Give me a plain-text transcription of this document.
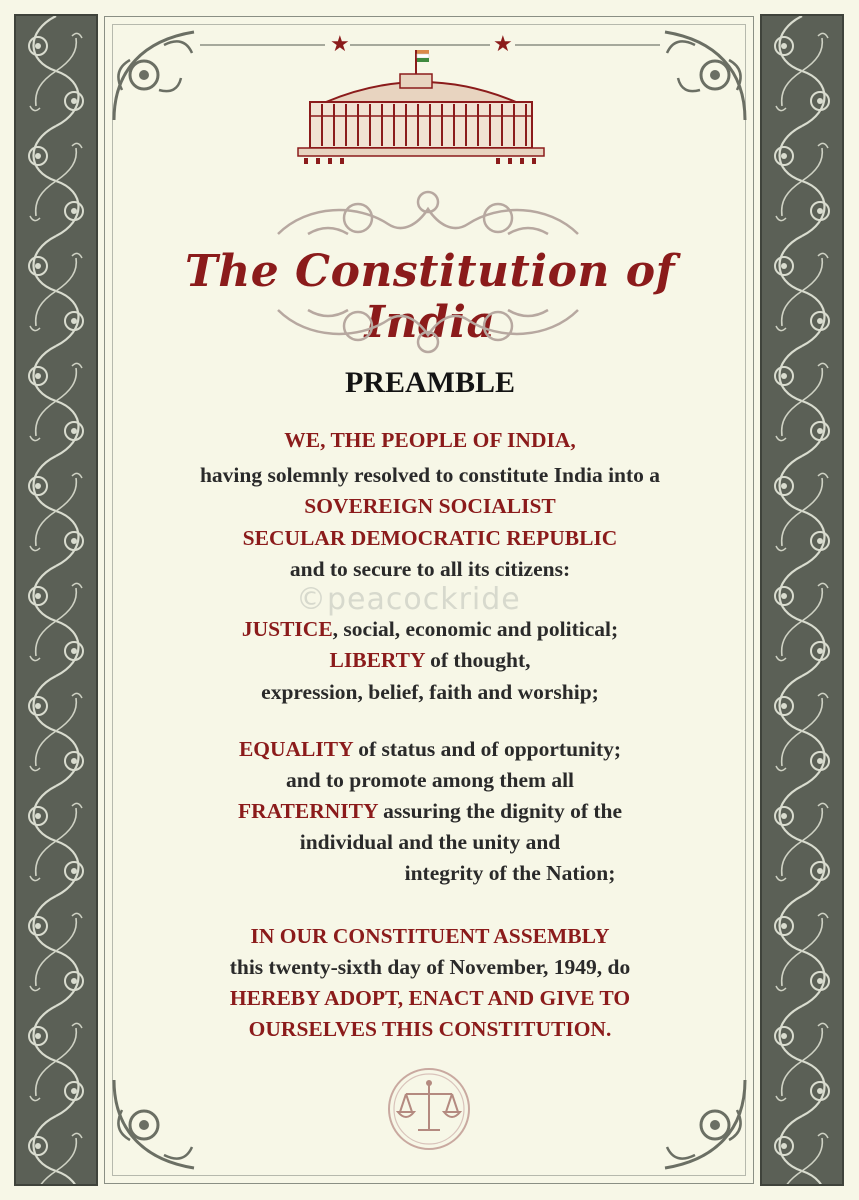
★	★
The Constitution of India
PREAMBLE
©peacockride
WE, THE PEOPLE OF INDIA,
having solemnly resolved to constitute India into a
SOVEREIGN SOCIALIST
SECULAR DEMOCRATIC REPUBLIC
and to secure to all its citizens:
JUSTICE, social, economic and political;
LIBERTY of thought,
expression, belief, faith and worship;
EQUALITY of status and of opportunity;
and to promote among them all
FRATERNITY assuring the dignity of the
individual and the unity and
integrity of the Nation;
IN OUR CONSTITUENT ASSEMBLY
this twenty-sixth day of November, 1949, do
HEREBY ADOPT, ENACT AND GIVE TO
OURSELVES THIS CONSTITUTION.
